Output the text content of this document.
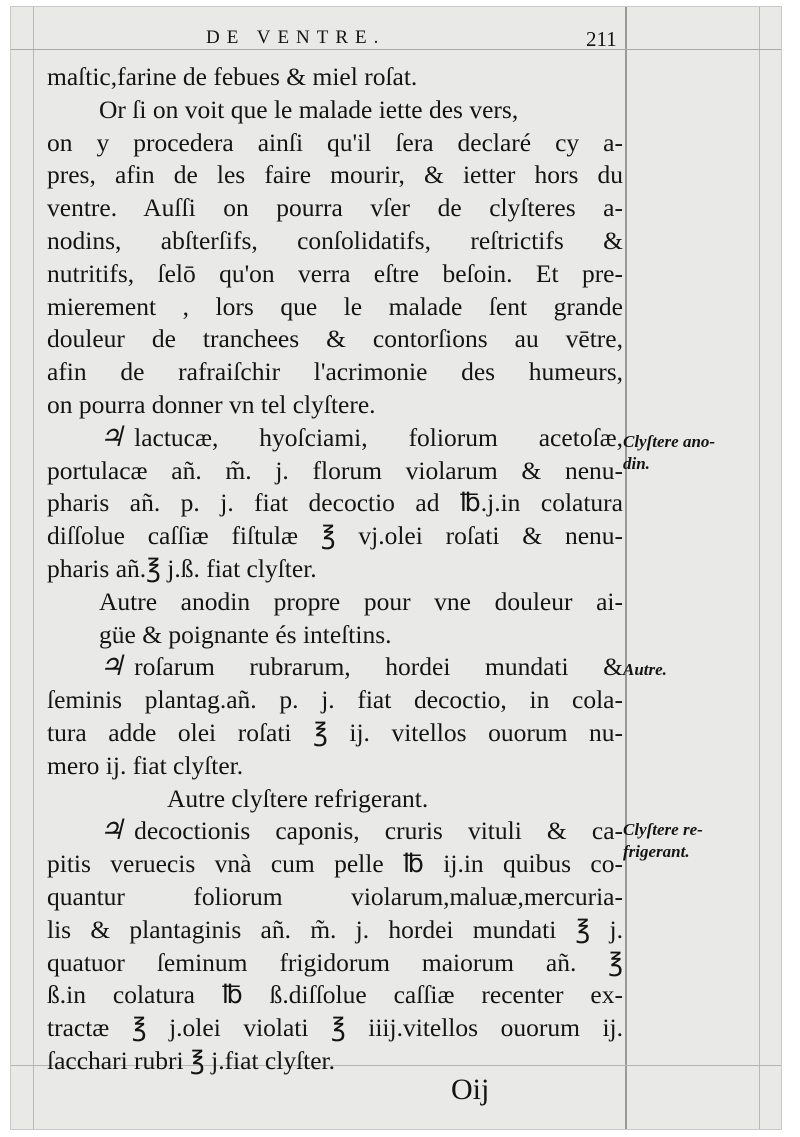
DE VENTRE.	211
maſtic,farine de febues & miel roſat.
Or ſi on voit que le malade iette des vers,
on y procedera ainſi qu'il ſera declaré cy a-
pres, afin de les faire mourir, & ietter hors du
ventre. Auſſi on pourra vſer de clyſteres a-
nodins, abſterſifs, conſolidatifs, reſtrictifs &
nutritifs, ſelō qu'on verra eſtre beſoin. Et pre-
mierement , lors que le malade ſent grande
douleur de tranchees & contorſions au vētre,
afin de rafraiſchir l'acrimonie des humeurs,
on pourra donner vn tel clyſtere.
♃ lactucæ, hyoſciami, foliorum acetoſæ,
portulacæ añ. m̃. j. florum violarum & nenu-
pharis añ. p. j. fiat decoctio ad ℔.j.in colatura
diſſolue caſſiæ fiſtulæ ℥ vj.olei roſati & nenu-
pharis añ.℥ j.ß. fiat clyſter.
Autre anodin propre pour vne douleur ai-
güe & poignante és inteſtins.
♃ roſarum rubrarum, hordei mundati &
ſeminis plantag.añ. p. j. fiat decoctio, in cola-
tura adde olei roſati ℥ ij. vitellos ouorum nu-
mero ij. fiat clyſter.
Autre clyſtere refrigerant.
♃ decoctionis caponis, cruris vituli & ca-
pitis veruecis vnà cum pelle ℔ ij.in quibus co-
quantur foliorum violarum,maluæ,mercuria-
lis & plantaginis añ. m̃. j. hordei mundati ℥ j.
quatuor ſeminum frigidorum maiorum añ. ℥
ß.in colatura ℔ ß.diſſolue caſſiæ recenter ex-
tractæ ℥ j.olei violati ℥ iiij.vitellos ouorum ij.
ſacchari rubri ℥ j.fiat clyſter.
Clyſtere ano-
din.
Autre.
Clyſtere re-
frigerant.
Oij
